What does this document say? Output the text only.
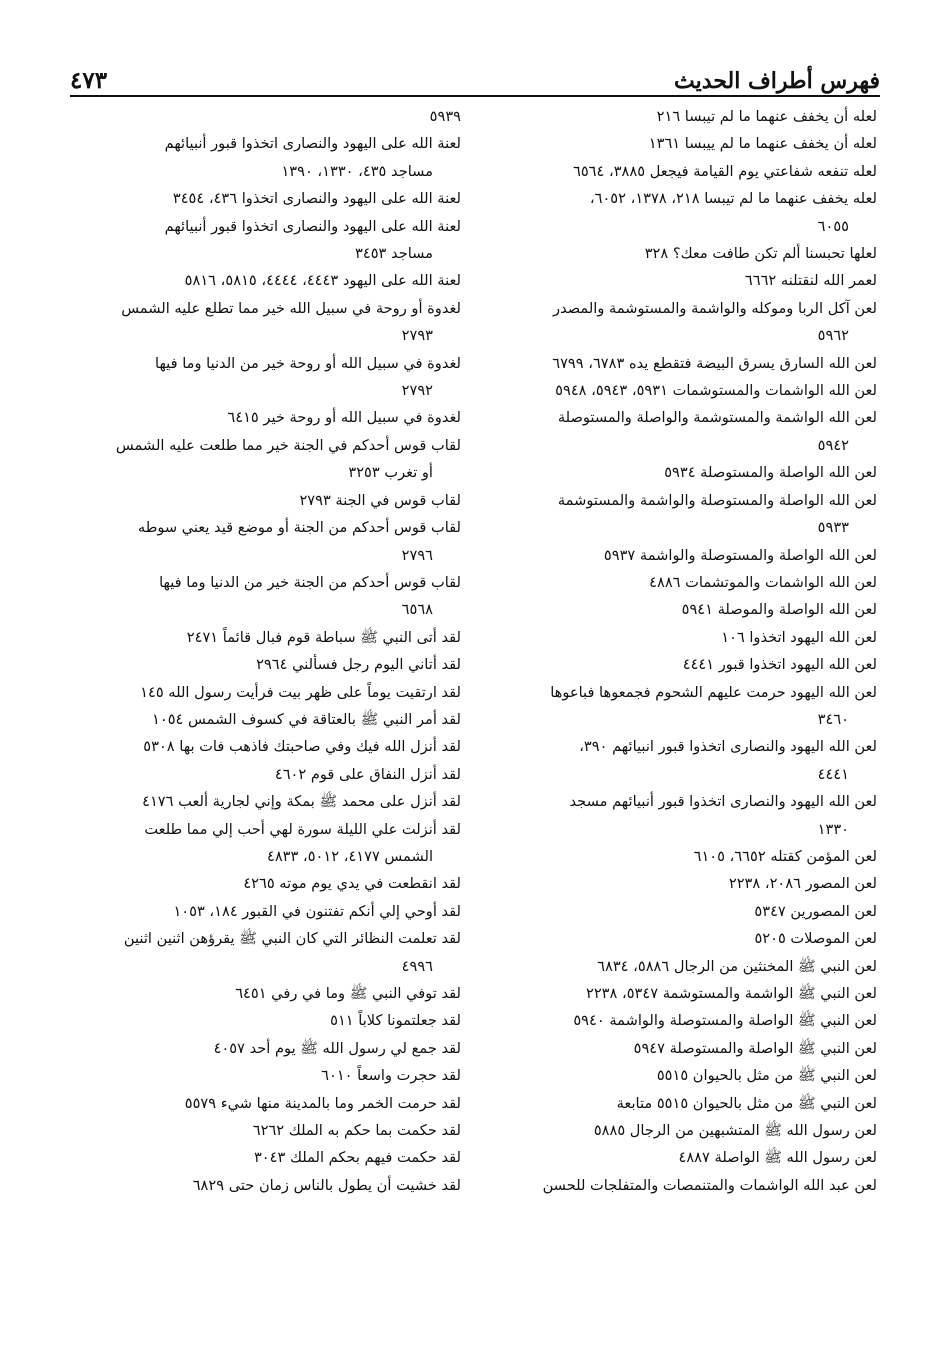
فهرس أطراف الحديث
٤٧٣
لعله أن يخفف عنهما ما لم تيبسا ٢١٦
لعله أن يخفف عنهما ما لم ييبسا ١٣٦١
لعله تنفعه شفاعتي يوم القيامة فيجعل ٣٨٨٥، ٦٥٦٤
لعله يخفف عنهما ما لم تيبسا ٢١٨، ١٣٧٨، ٦٠٥٢،
٦٠٥٥
لعلها تحبسنا ألم تكن طافت معك؟ ٣٢٨
لعمر الله لنقتلنه ٦٦٦٢
لعن آكل الربا وموكله والواشمة والمستوشمة والمصدر
٥٩٦٢
لعن الله السارق يسرق البيضة فتقطع يده ٦٧٨٣، ٦٧٩٩
لعن الله الواشمات والمستوشمات ٥٩٣١، ٥٩٤٣، ٥٩٤٨
لعن الله الواشمة والمستوشمة والواصلة والمستوصلة
٥٩٤٢
لعن الله الواصلة والمستوصلة ٥٩٣٤
لعن الله الواصلة والمستوصلة والواشمة والمستوشمة
٥٩٣٣
لعن الله الواصلة والمستوصلة والواشمة ٥٩٣٧
لعن الله الواشمات والموتشمات ٤٨٨٦
لعن الله الواصلة والموصلة ٥٩٤١
لعن الله اليهود اتخذوا ١٠٦
لعن الله اليهود اتخذوا قبور ٤٤٤١
لعن الله اليهود حرمت عليهم الشحوم فجمعوها فباعوها
٣٤٦٠
لعن الله اليهود والنصارى اتخذوا قبور انبيائهم ٣٩٠،
٤٤٤١
لعن الله اليهود والنصارى اتخذوا قبور أنبيائهم مسجد
١٣٣٠
لعن المؤمن كقتله ٦٦٥٢، ٦١٠٥
لعن المصور ٢٠٨٦، ٢٢٣٨
لعن المصورين ٥٣٤٧
لعن الموصلات ٥٢٠٥
لعن النبي ﷺ المخنثين من الرجال ٥٨٨٦، ٦٨٣٤
لعن النبي ﷺ الواشمة والمستوشمة ٥٣٤٧، ٢٢٣٨
لعن النبي ﷺ الواصلة والمستوصلة والواشمة ٥٩٤٠
لعن النبي ﷺ الواصلة والمستوصلة ٥٩٤٧
لعن النبي ﷺ من مثل بالحيوان ٥٥١٥
لعن النبي ﷺ من مثل بالحيوان ٥٥١٥ متابعة
لعن رسول الله ﷺ المتشبهين من الرجال ٥٨٨٥
لعن رسول الله ﷺ الواصلة ٤٨٨٧
لعن عبد الله الواشمات والمتنمصات والمتفلجات للحسن
٥٩٣٩
لعنة الله على اليهود والنصارى اتخذوا قبور أنبيائهم
مساجد ٤٣٥، ١٣٣٠، ١٣٩٠
لعنة الله على اليهود والنصارى اتخذوا ٤٣٦، ٣٤٥٤
لعنة الله على اليهود والنصارى اتخذوا قبور أنبيائهم
مساجد ٣٤٥٣
لعنة الله على اليهود ٤٤٤٣، ٤٤٤٤، ٥٨١٥، ٥٨١٦
لغدوة أو روحة في سبيل الله خير مما تطلع عليه الشمس
٢٧٩٣
لغدوة في سبيل الله أو روحة خير من الدنيا وما فيها
٢٧٩٢
لغدوة في سبيل الله أو روحة خير ٦٤١٥
لقاب قوس أحدكم في الجنة خير مما طلعت عليه الشمس
أو تغرب ٣٢٥٣
لقاب قوس في الجنة ٢٧٩٣
لقاب قوس أحدكم من الجنة أو موضع قيد يعني سوطه
٢٧٩٦
لقاب قوس أحدكم من الجنة خير من الدنيا وما فيها
٦٥٦٨
لقد أتى النبي ﷺ سباطة قوم فبال قائماً ٢٤٧١
لقد أتاني اليوم رجل فسألني ٢٩٦٤
لقد ارتقيت يوماً على ظهر بيت فرأيت رسول الله ١٤٥
لقد أمر النبي ﷺ بالعتاقة في كسوف الشمس ١٠٥٤
لقد أنزل الله فيك وفي صاحبتك فاذهب فات بها ٥٣٠٨
لقد أنزل النفاق على قوم ٤٦٠٢
لقد أنزل على محمد ﷺ بمكة وإني لجارية ألعب ٤١٧٦
لقد أنزلت علي الليلة سورة لهي أحب إلي مما طلعت
الشمس ٤١٧٧، ٥٠١٢، ٤٨٣٣
لقد انقطعت في يدي يوم موته ٤٢٦٥
لقد أوحي إلي أنكم تفتنون في القبور ١٨٤، ١٠٥٣
لقد تعلمت النظائر التي كان النبي ﷺ يقرؤهن اثنين اثنين
٤٩٩٦
لقد توفي النبي ﷺ وما في رفي ٦٤٥١
لقد جعلتمونا كلاباً ٥١١
لقد جمع لي رسول الله ﷺ يوم أحد ٤٠٥٧
لقد حجرت واسعاً ٦٠١٠
لقد حرمت الخمر وما بالمدينة منها شيء ٥٥٧٩
لقد حكمت بما حكم به الملك ٦٢٦٢
لقد حكمت فيهم بحكم الملك ٣٠٤٣
لقد خشيت أن يطول بالناس زمان حتى ٦٨٢٩
